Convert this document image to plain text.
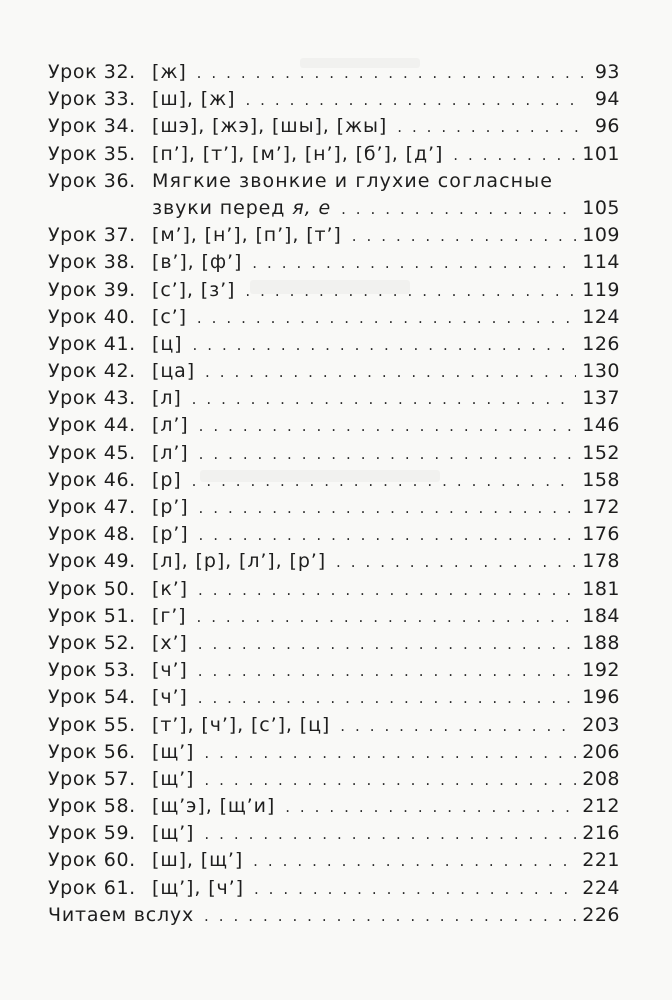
Урок 32. [ж] . . .	93
Урок 33. [ш], [ж] . . .	94
Урок 34. [шэ], [жэ], [шы], [жы] . . .	96
Урок 35. [п’], [т’], [м’], [н’], [б’], [д’] . . .	101
Урок 36. Мягкие звонкие и глухие согласные
звуки перед я, е . . .	105
Урок 37. [м’], [н’], [п’], [т’] . . .	109
Урок 38. [в’], [ф’] . . .	114
Урок 39. [с’], [з’] . . .	119
Урок 40. [с’] . . .	124
Урок 41. [ц] . . .	126
Урок 42. [ца] . . .	130
Урок 43. [л] . . .	137
Урок 44. [л’] . . .	146
Урок 45. [л’] . . .	152
Урок 46. [р] . . .	158
Урок 47. [р’] . . .	172
Урок 48. [р’] . . .	176
Урок 49. [л], [р], [л’], [р’] . . .	178
Урок 50. [к’] . . .	181
Урок 51. [г’] . . .	184
Урок 52. [х’] . . .	188
Урок 53. [ч’] . . .	192
Урок 54. [ч’] . . .	196
Урок 55. [т’], [ч’], [с’], [ц] . . .	203
Урок 56. [щ’] . . .	206
Урок 57. [щ’] . . .	208
Урок 58. [щ’э], [щ’и] . . .	212
Урок 59. [щ’] . . .	216
Урок 60. [ш], [щ’] . . .	221
Урок 61. [щ’], [ч’] . . .	224
Читаем вслух . . .	226
